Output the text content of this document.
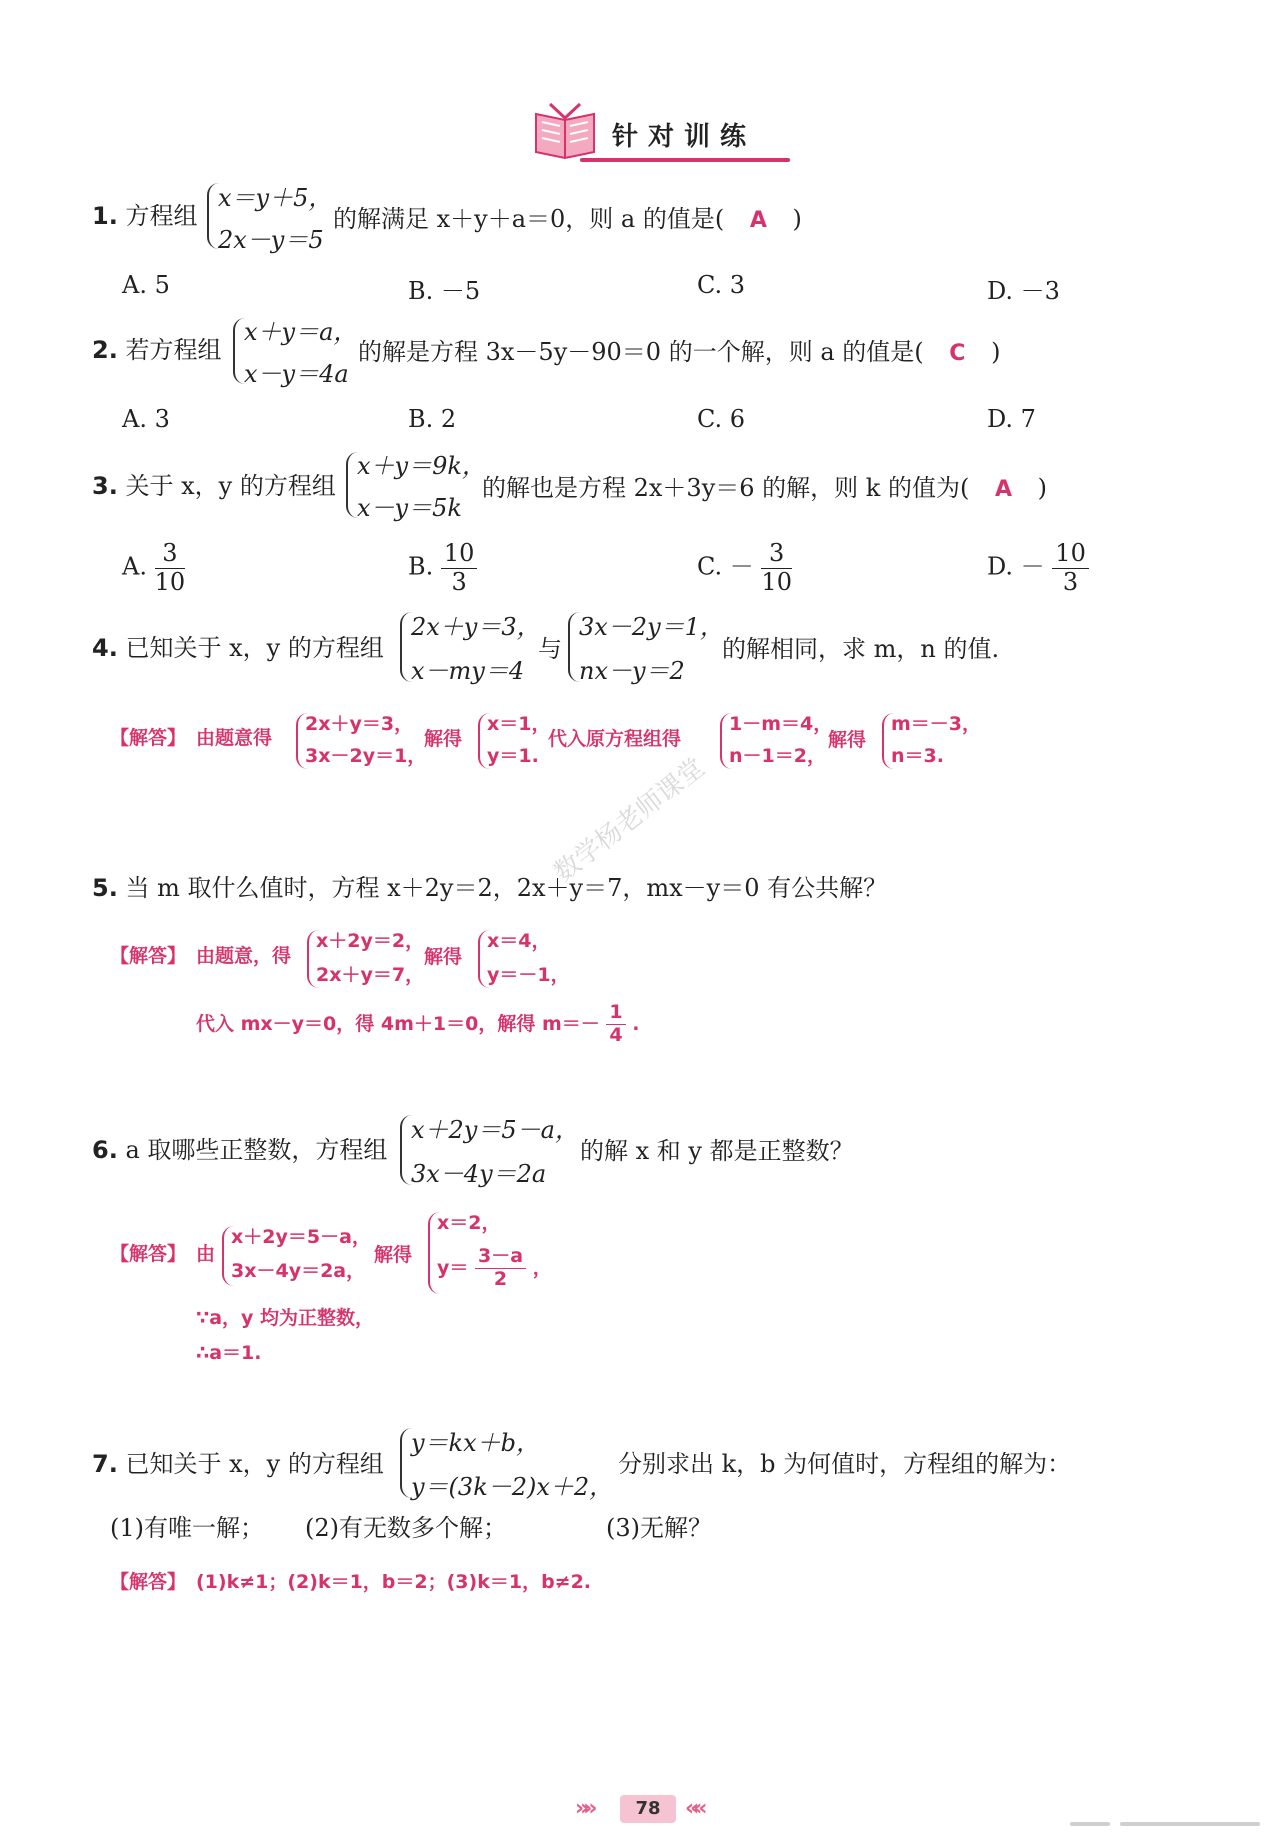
针对训练
1. 方程组
x＝y＋5，
2x－y＝5
的解满足 x＋y＋a＝0，则 a 的值是( A )
A. 5	B. －5	C. 3	D. －3
2. 若方程组
x＋y＝a，
x－y＝4a
的解是方程 3x－5y－90＝0 的一个解，则 a 的值是( C )
A. 3	B. 2	C. 6	D. 7
3. 关于 x，y 的方程组
x＋y＝9k，
x－y＝5k
的解也是方程 2x＋3y＝6 的解，则 k 的值为( A )
A. $\frac{3}{10}$	B. $\frac{10}{3}$	C. － $\frac{3}{10}$	D. － $\frac{10}{3}$
4. 已知关于 x，y 的方程组
2x＋y＝3，
x－my＝4
与
3x－2y＝1，
nx－y＝2
的解相同，求 m，n 的值.
【解答】 由题意得
2x＋y＝3，
3x－2y＝1，
解得
x＝1，
y＝1.
代入原方程组得
1－m＝4，
n－1＝2，
解得
m＝－3，
n＝3.
5. 当 m 取什么值时，方程 x＋2y＝2，2x＋y＝7，mx－y＝0 有公共解？
【解答】 由题意，得
x＋2y＝2，
2x＋y＝7，
解得
x＝4，
y＝－1，
代入 mx－y＝0，得 4m＋1＝0，解得 $m=- \frac{1}{4}$ .
6. a 取哪些正整数，方程组
x＋2y＝5－a，
3x－4y＝2a
的解 x 和 y 都是正整数？
【解答】 由
x＋2y＝5－a，
3x－4y＝2a，
解得
x＝2，
$y= \frac{3-a}{2}$ ，
∵a，y 均为正整数，
∴a＝1.
7. 已知关于 x，y 的方程组
y＝kx＋b，
y＝(3k－2)x＋2，
分别求出 k，b 为何值时，方程组的解为：
(1)有唯一解； (2)有无数多个解；	(3)无解？
【解答】 (1)k≠1；(2)k＝1，b＝2；(3)k＝1，b≠2.
数学杨老师课堂
»»	78	««
